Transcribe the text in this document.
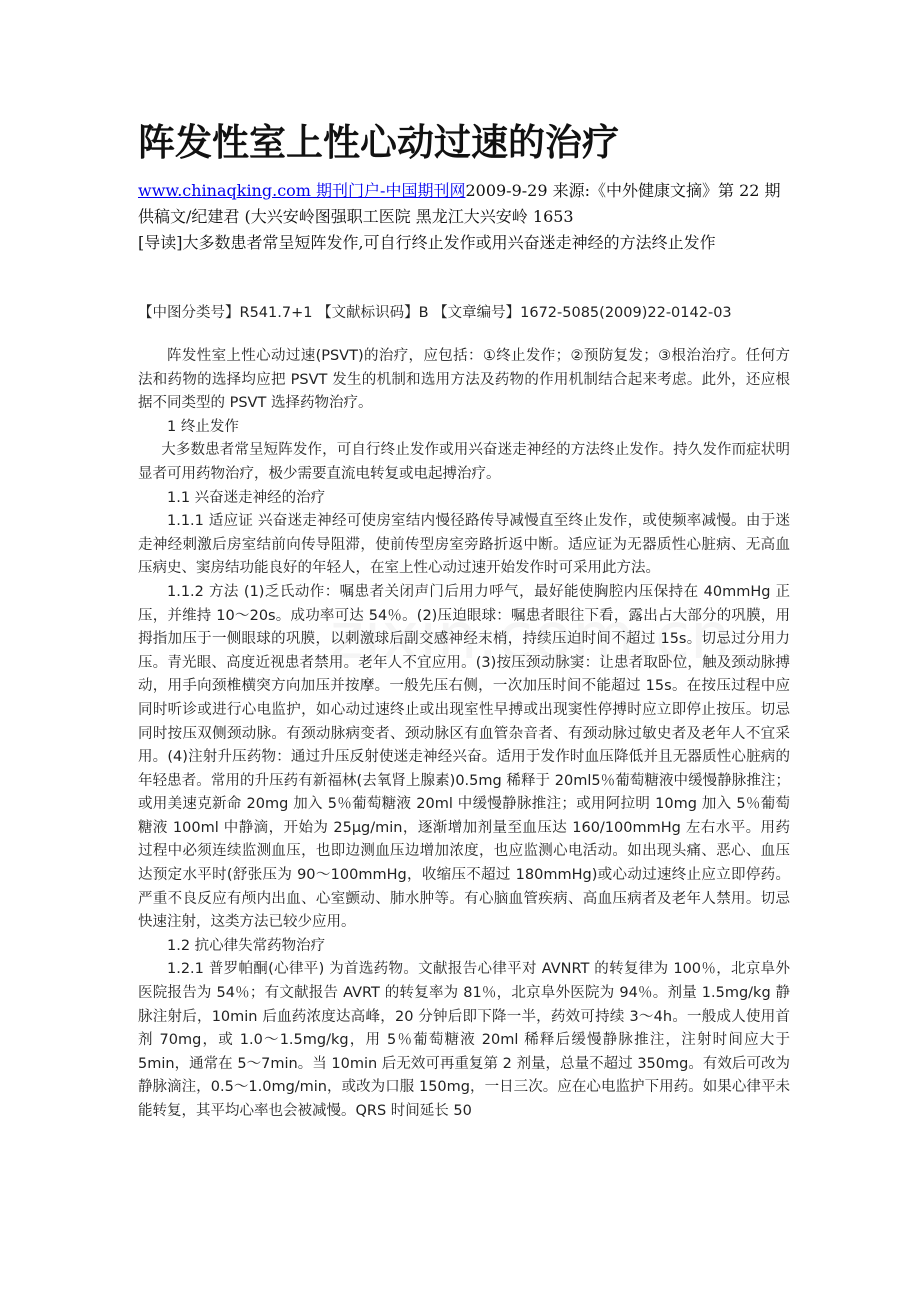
阵发性室上性心动过速的治疗
www.chinaqking.com 期刊门户-中国期刊网2009-9-29 来源:《中外健康文摘》第 22 期供稿文/纪建君 (大兴安岭图强职工医院 黑龙江大兴安岭 1653
[导读]大多数患者常呈短阵发作,可自行终止发作或用兴奋迷走神经的方法终止发作

【中图分类号】R541.7+1 【文献标识码】B 【文章编号】1672-5085(2009)22-0142-03

阵发性室上性心动过速(PSVT)的治疗，应包括：①终止发作；②预防复发；③根治治疗。任何方法和药物的选择均应把 PSVT 发生的机制和选用方法及药物的作用机制结合起来考虑。此外，还应根据不同类型的 PSVT 选择药物治疗。

1 终止发作

大多数患者常呈短阵发作，可自行终止发作或用兴奋迷走神经的方法终止发作。持久发作而症状明显者可用药物治疗，极少需要直流电转复或电起搏治疗。

1.1 兴奋迷走神经的治疗

1.1.1 适应证 兴奋迷走神经可使房室结内慢径路传导减慢直至终止发作，或使频率减慢。由于迷走神经刺激后房室结前向传导阻滞，使前传型房室旁路折返中断。适应证为无器质性心脏病、无高血压病史、窦房结功能良好的年轻人，在室上性心动过速开始发作时可采用此方法。

1.1.2 方法 (1)乏氏动作：嘱患者关闭声门后用力呼气，最好能使胸腔内压保持在 40mmHg 正压，并维持 10～20s。成功率可达 54％。(2)压迫眼球：嘱患者眼往下看，露出占大部分的巩膜，用拇指加压于一侧眼球的巩膜，以刺激球后副交感神经末梢，持续压迫时间不超过 15s。切忌过分用力压。青光眼、高度近视患者禁用。老年人不宜应用。(3)按压颈动脉窦：让患者取卧位，触及颈动脉搏动，用手向颈椎横突方向加压并按摩。一般先压右侧，一次加压时间不能超过 15s。在按压过程中应同时听诊或进行心电监护，如心动过速终止或出现室性早搏或出现窦性停搏时应立即停止按压。切忌同时按压双侧颈动脉。有颈动脉病变者、颈动脉区有血管杂音者、有颈动脉过敏史者及老年人不宜采用。(4)注射升压药物：通过升压反射使迷走神经兴奋。适用于发作时血压降低并且无器质性心脏病的年轻患者。常用的升压药有新福林(去氧肾上腺素)0.5mg 稀释于 20ml5％葡萄糖液中缓慢静脉推注；或用美速克新命 20mg 加入 5％葡萄糖液 20ml 中缓慢静脉推注；或用阿拉明 10mg 加入 5％葡萄糖液 100ml 中静滴，开始为 25μg/min，逐渐增加剂量至血压达 160/100mmHg 左右水平。用药过程中必须连续监测血压，也即边测血压边增加浓度，也应监测心电活动。如出现头痛、恶心、血压达预定水平时(舒张压为 90～100mmHg，收缩压不超过 180mmHg)或心动过速终止应立即停药。严重不良反应有颅内出血、心室颤动、肺水肿等。有心脑血管疾病、高血压病者及老年人禁用。切忌快速注射，这类方法已较少应用。

1.2 抗心律失常药物治疗

1.2.1 普罗帕酮(心律平) 为首选药物。文献报告心律平对 AVNRT 的转复律为 100％，北京阜外医院报告为 54％；有文献报告 AVRT 的转复率为 81％，北京阜外医院为 94％。剂量 1.5mg/kg 静脉注射后，10min 后血药浓度达高峰，20 分钟后即下降一半，药效可持续 3～4h。一般成人使用首剂 70mg，或 1.0～1.5mg/kg，用 5％葡萄糖液 20ml 稀释后缓慢静脉推注，注射时间应大于 5min，通常在 5～7min。当 10min 后无效可再重复第 2 剂量，总量不超过 350mg。有效后可改为静脉滴注，0.5～1.0mg/min，或改为口服 150mg，一日三次。应在心电监护下用药。如果心律平未能转复，其平均心率也会被减慢。QRS 时间延长 50
